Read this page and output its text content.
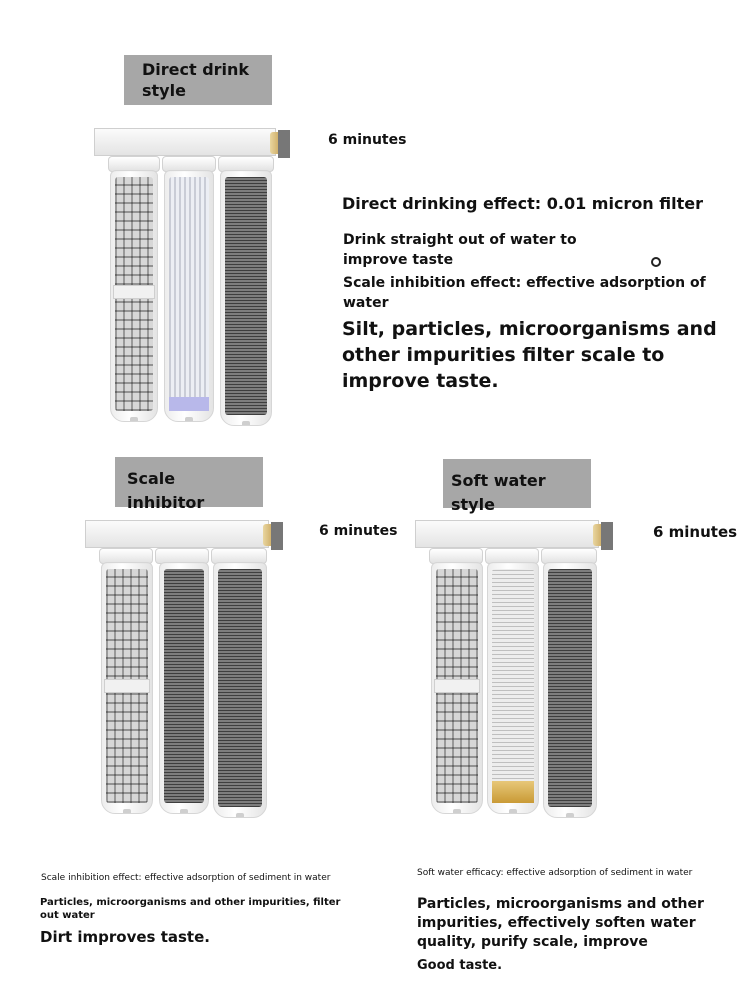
Direct drink style
6 minutes
Direct drinking effect: 0.01 micron filter
Drink straight out of water to improve taste
Scale inhibition effect: effective adsorption of water
Silt, particles, microorganisms and other impurities filter scale to improve taste.
Scale inhibitor
6 minutes
Scale inhibition effect: effective adsorption of sediment in water
Particles, microorganisms and other impurities, filter out water
Dirt improves taste.
Soft water style
6 minutes
Soft water efficacy: effective adsorption of sediment in water
Particles, microorganisms and other impurities, effectively soften water quality, purify scale, improve
Good taste.
